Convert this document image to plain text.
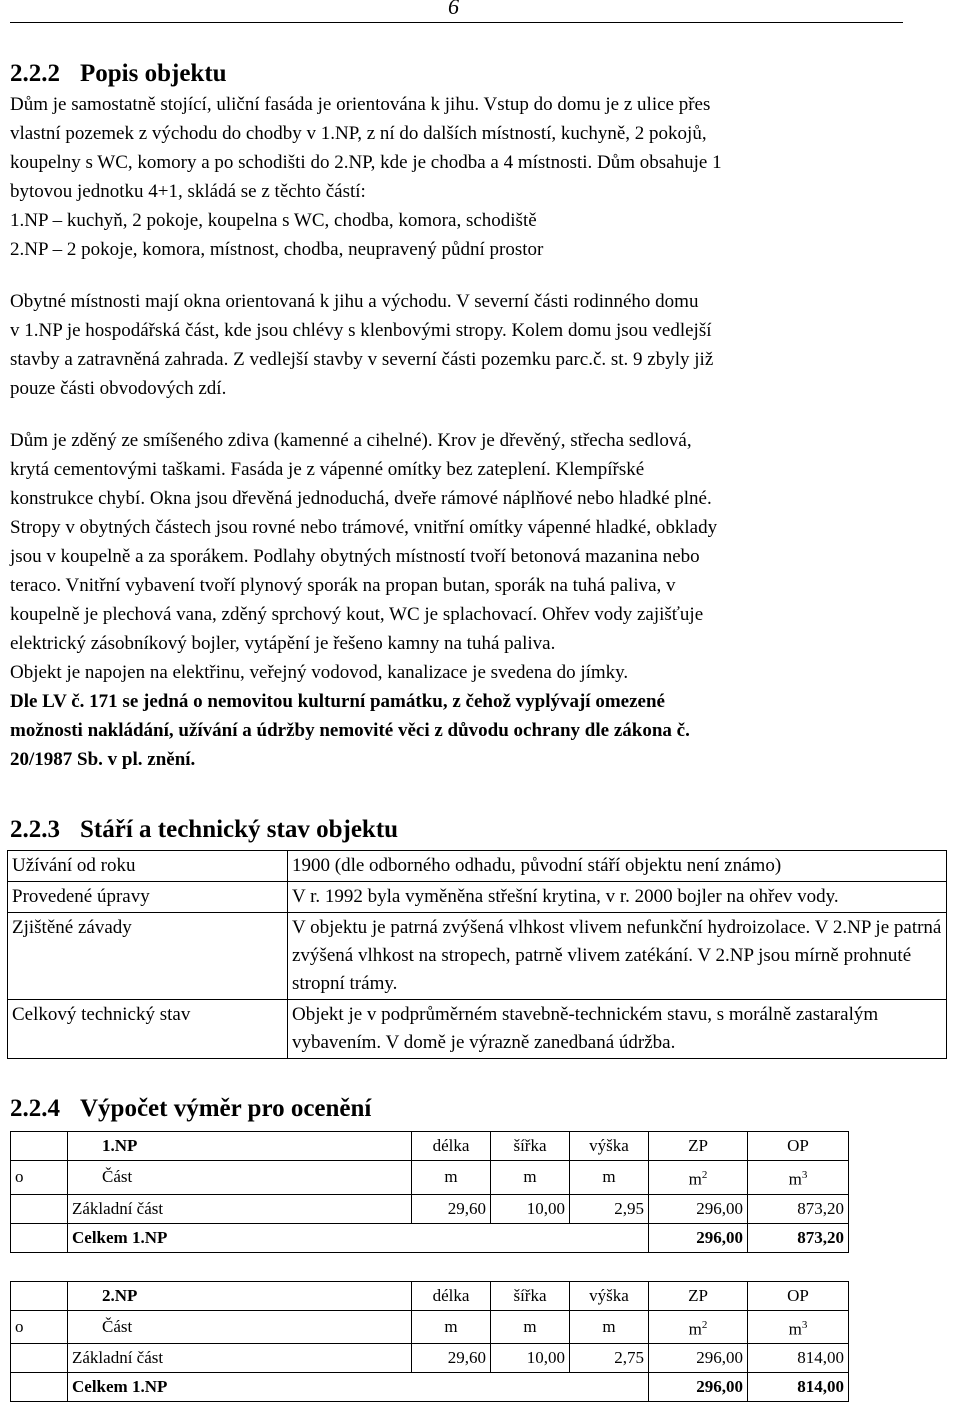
6
2.2.2 Popis objektu

Dům je samostatně stojící, uliční fasáda je orientována k jihu. Vstup do domu je z ulice přes

vlastní pozemek z východu do chodby v 1.NP, z ní do dalších místností, kuchyně, 2 pokojů,

koupelny s WC, komory a po schodišti do 2.NP, kde je chodba a 4 místnosti. Dům obsahuje 1

bytovou jednotku 4+1, skládá se z těchto částí:

1.NP – kuchyň, 2 pokoje, koupelna s WC, chodba, komora, schodiště

2.NP – 2 pokoje, komora, místnost, chodba, neupravený půdní prostor

Obytné místnosti mají okna orientovaná k jihu a východu. V severní části rodinného domu

v 1.NP je hospodářská část, kde jsou chlévy s klenbovými stropy. Kolem domu jsou vedlejší

stavby a zatravněná zahrada. Z vedlejší stavby v severní části pozemku parc.č. st. 9 zbyly již

pouze části obvodových zdí.

Dům je zděný ze smíšeného zdiva (kamenné a cihelné). Krov je dřevěný, střecha sedlová,

krytá cementovými taškami. Fasáda je z vápenné omítky bez zateplení. Klempířské

konstrukce chybí. Okna jsou dřevěná jednoduchá, dveře rámové náplňové nebo hladké plné.

Stropy v obytných částech jsou rovné nebo trámové, vnitřní omítky vápenné hladké, obklady

jsou v koupelně a za sporákem. Podlahy obytných místností tvoří betonová mazanina nebo

teraco. Vnitřní vybavení tvoří plynový sporák na propan butan, sporák na tuhá paliva, v

koupelně je plechová vana, zděný sprchový kout, WC je splachovací. Ohřev vody zajišťuje

elektrický zásobníkový bojler, vytápění je řešeno kamny na tuhá paliva.

Objekt je napojen na elektřinu, veřejný vodovod, kanalizace je svedena do jímky.

Dle LV č. 171 se jedná o nemovitou kulturní památku, z čehož vyplývají omezené

možnosti nakládání, užívání a údržby nemovité věci z důvodu ochrany dle zákona č.

20/1987 Sb. v pl. znění.

2.2.3 Stáří a technický stav objektu
Užívání od roku	1900 (dle odborného odhadu, původní stáří objektu není známo)
Provedené úpravy	V r. 1992 byla vyměněna střešní krytina, v r. 2000 bojler na ohřev vody.
Zjištěné závady	V objektu je patrná zvýšená vlhkost vlivem nefunkční hydroizolace. V 2.NP je patrná zvýšená vlhkost na stropech, patrně vlivem zatékání. V 2.NP jsou mírně prohnuté stropní trámy.
Celkový technický stav	Objekt je v podprůměrném stavebně-technickém stavu, s morálně zastaralým vybavením. V domě je výrazně zanedbaná údržba.
2.2.4 Výpočet výměr pro ocenění
	1.NP	délka	šířka	výška	ZP	OP
o	Část	m	m	m	$m^2$	$m^3$
	Základní část	29,60	10,00	2,95	296,00	873,20
	Celkem 1.NP				296,00	873,20
	2.NP	délka	šířka	výška	ZP	OP
o	Část	m	m	m	$m^2$	$m^3$
	Základní část	29,60	10,00	2,75	296,00	814,00
	Celkem 1.NP				296,00	814,00
